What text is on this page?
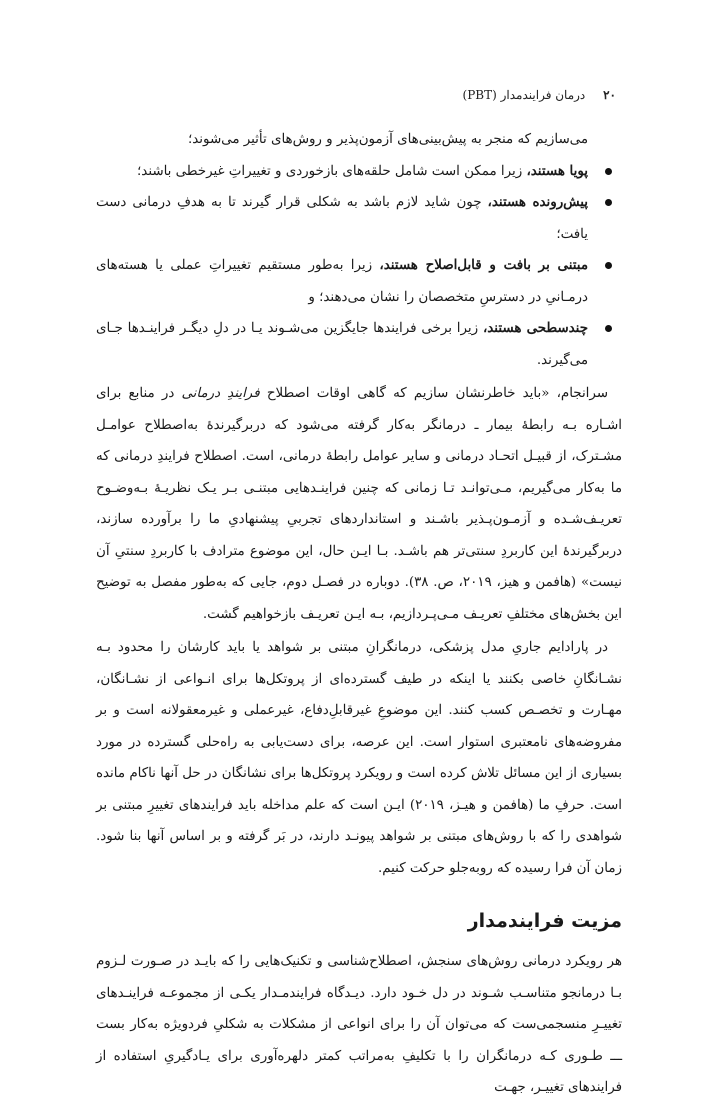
۲۰ درمان فرایندمدار (PBT)

می‌سازیم که منجر به پیش‌بینی‌های آزمون‌پذیر و روش‌های تأثیر می‌شوند؛

پویا هستند، زیرا ممکن است شامل حلقه‌های بازخوردی و تغییراتِ غیرخطی باشند؛
پیش‌رونده هستند، چون شاید لازم باشد به شکلی قرار گیرند تا به هدفِ درمانی دست یافت؛
مبتنی بر بافت و قابل‌اصلاح هستند، زیرا به‌طور مستقیم تغییراتِ عملی یا هسته‌های درمـانیِ در دسترسِ متخصصان را نشان می‌دهند؛ و
چندسطحی هستند، زیرا برخی فرایندها جایگزین می‌شـوند یـا در دلِ دیگـر فراینـدها جـای می‌گیرند.

سرانجام، «باید خاطرنشان سازیم که گاهی اوقات اصطلاح فرایندِ درمانی در منابع برای اشـاره بـه رابطهٔ بیمار ـ درمانگر به‌کار گرفته می‌شود که دربرگیرندهٔ به‌اصطلاح عوامـل مشـترک، از قبیـل اتحـاد درمانی و سایر عوامل رابطهٔ درمانی، است. اصطلاح فرایندِ درمانی که ما به‌کار می‌گیریم، مـی‌توانـد تـا زمانی که چنین فراینـدهایی مبتنـی بـر یـک نظریـهٔ بـه‌وضـوح تعریـف‌شـده و آزمـون‌پـذیر باشـند و استانداردهای تجربیِ پیشنهادیِ ما را برآورده سازند، دربرگیرندهٔ این کاربردِ سنتی‌تر هم باشـد. بـا ایـن حال، این موضوع مترادف با کاربردِ سنتیِ آن نیست» (هافمن و هیز، ۲۰۱۹، ص. ۳۸). دوباره در فصـل دوم، جایی که به‌طور مفصل به توضیح این بخش‌های مختلفِ تعریـف مـی‌پـردازیم، بـه ایـن تعریـف بازخواهیم گشت.

در پارادایم جاریِ مدل پزشکی، درمانگرانِ مبتنی بر شواهد یا باید کارشان را محدود بـه نشـانگانِ خاصی بکنند یا اینکه در طیف گسترده‌ای از پروتکل‌ها برای انـواعی از نشـانگان، مهـارت و تخصـص کسب کنند. این موضوعِ غیرقابلِ‌دفاع، غیرعملی و غیرمعقولانه است و بر مفروضه‌های نامعتبری استوار است. این عرصه، برای دست‌یابی به راه‌حلی گسترده در مورد بسیاری از این مسائل تلاش کرده است و رویکرد پروتکل‌ها برای نشانگان در حل آنها ناکام مانده است. حرفِ ما (هافمن و هیـز، ۲۰۱۹) ایـن است که علم مداخله باید فرایندهای تغییرِ مبتنی بر شواهدی را که با روش‌های مبتنی بر شواهد پیونـد دارند، در بَر گرفته و بر اساس آنها بنا شود. زمان آن فرا رسیده که روبه‌جلو حرکت کنیم.

مزیت فرایندمدار

هر رویکرد درمانی روش‌های سنجش، اصطلاح‌شناسی و تکنیک‌هایی را که بایـد در صـورت لـزوم بـا درمانجو متناسـب شـوند در دل خـود دارد. دیـدگاه فرایندمـدار یکـی از مجموعـه فراینـدهای تغییـرِ منسجمی‌ست که می‌توان آن را برای انواعی از مشکلات به شکلیِ فردویژه به‌کار بست ـــ طـوری کـه درمانگران را با تکلیفِ به‌مراتب کمتر دلهره‌آوری برای یـادگیریِ استفاده از فرایندهای تغییـر، جهـت
